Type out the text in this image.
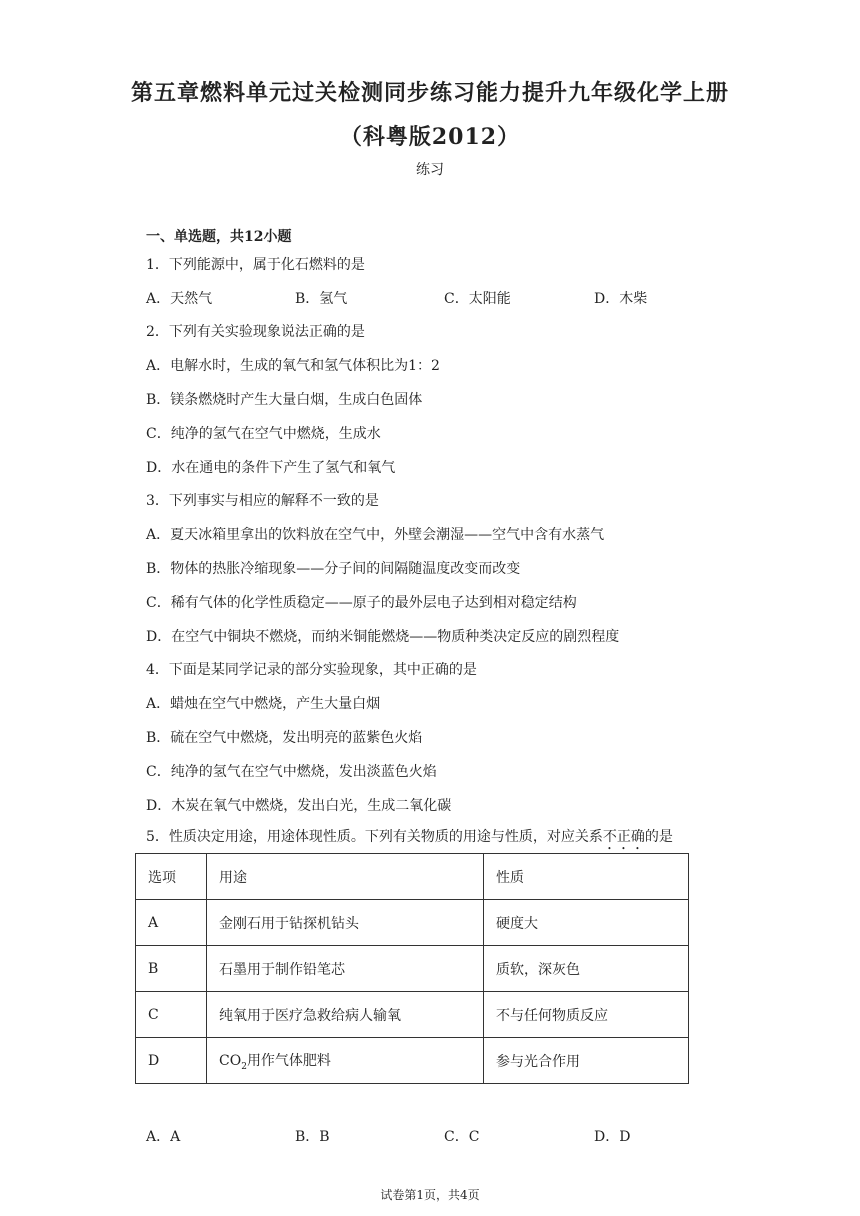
第五章燃料单元过关检测同步练习能力提升九年级化学上册
（科粤版2012）
练习
一、单选题，共12小题
1．下列能源中，属于化石燃料的是
A．天然气	B．氢气	C．太阳能	D．木柴
2．下列有关实验现象说法正确的是
A．电解水时，生成的氧气和氢气体积比为1：2
B．镁条燃烧时产生大量白烟，生成白色固体
C．纯净的氢气在空气中燃烧，生成水
D．水在通电的条件下产生了氢气和氧气
3．下列事实与相应的解释不一致的是
A．夏天冰箱里拿出的饮料放在空气中，外壁会潮湿——空气中含有水蒸气
B．物体的热胀冷缩现象——分子间的间隔随温度改变而改变
C．稀有气体的化学性质稳定——原子的最外层电子达到相对稳定结构
D．在空气中铜块不燃烧，而纳米铜能燃烧——物质种类决定反应的剧烈程度
4．下面是某同学记录的部分实验现象，其中正确的是
A．蜡烛在空气中燃烧，产生大量白烟
B．硫在空气中燃烧，发出明亮的蓝紫色火焰
C．纯净的氢气在空气中燃烧，发出淡蓝色火焰
D．木炭在氧气中燃烧，发出白光，生成二氧化碳
5．性质决定用途，用途体现性质。下列有关物质的用途与性质，对应关系不正确的是
选项	用途	性质
A	金刚石用于钻探机钻头	硬度大
B	石墨用于制作铅笔芯	质软，深灰色
C	纯氧用于医疗急救给病人输氧	不与任何物质反应
D	$CO_2$用作气体肥料	参与光合作用
A．A	B．B	C．C	D．D
试卷第1页，共4页
